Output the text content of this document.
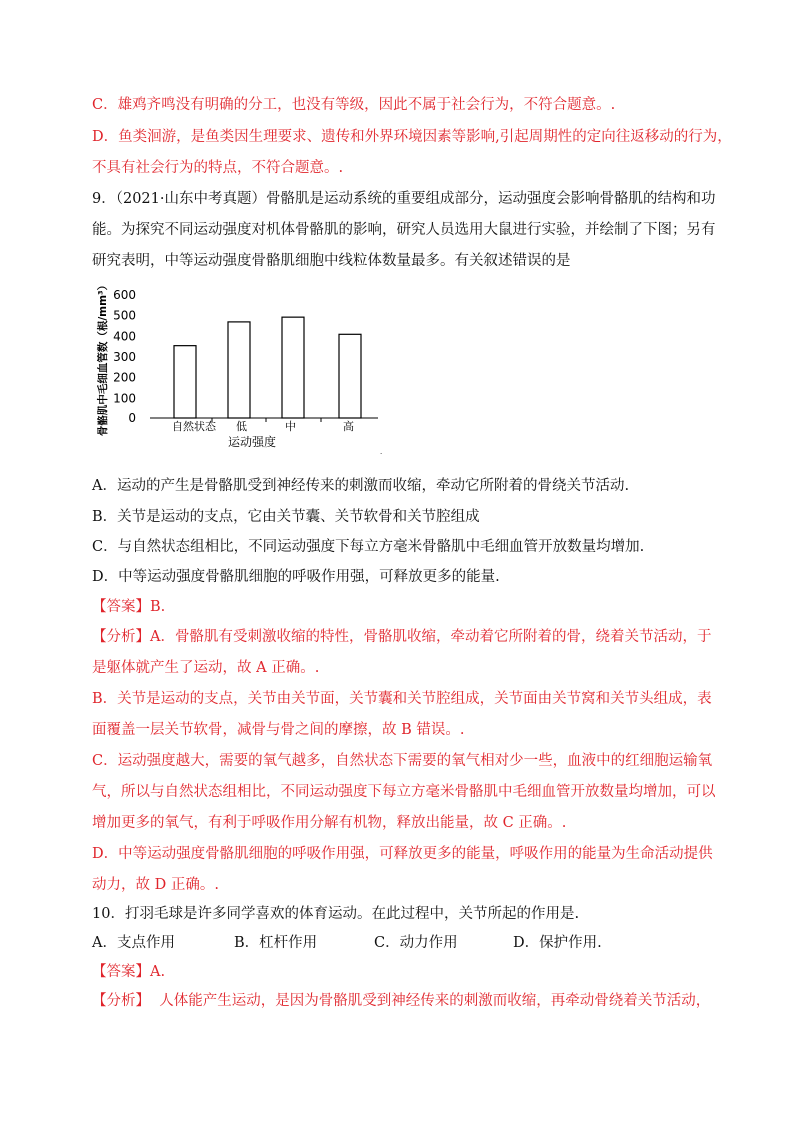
C．雄鸡齐鸣没有明确的分工，也没有等级，因此不属于社会行为，不符合题意。.
D．鱼类洄游，是鱼类因生理要求、遗传和外界环境因素等影响,引起周期性的定向往返移动的行为，
不具有社会行为的特点，不符合题意。.
9．（2021·山东中考真题）骨骼肌是运动系统的重要组成部分，运动强度会影响骨骼肌的结构和功
能。为探究不同运动强度对机体骨骼肌的影响，研究人员选用大鼠进行实验，并绘制了下图；另有
研究表明，中等运动强度骨骼肌细胞中线粒体数量最多。有关叙述错误的是
0
100
200
300
400
500
600
自然状态 低	中	高
骨骼肌中毛细血管数（根/mm³）
运动强度
.
A．运动的产生是骨骼肌受到神经传来的刺激而收缩，牵动它所附着的骨绕关节活动.
B．关节是运动的支点，它由关节囊、关节软骨和关节腔组成
C．与自然状态组相比，不同运动强度下每立方毫米骨骼肌中毛细血管开放数量均增加.
D．中等运动强度骨骼肌细胞的呼吸作用强，可释放更多的能量.
【答案】B.
【分析】A．骨骼肌有受刺激收缩的特性，骨骼肌收缩，牵动着它所附着的骨，绕着关节活动，于
是躯体就产生了运动，故 A 正确。.
B．关节是运动的支点，关节由关节面，关节囊和关节腔组成，关节面由关节窝和关节头组成，表
面覆盖一层关节软骨，减骨与骨之间的摩擦，故 B 错误。.
C．运动强度越大，需要的氧气越多，自然状态下需要的氧气相对少一些，血液中的红细胞运输氧
气，所以与自然状态组相比，不同运动强度下每立方毫米骨骼肌中毛细血管开放数量均增加，可以
增加更多的氧气，有利于呼吸作用分解有机物，释放出能量，故 C 正确。.
D．中等运动强度骨骼肌细胞的呼吸作用强，可释放更多的能量，呼吸作用的能量为生命活动提供
动力，故 D 正确。.
10．打羽毛球是许多同学喜欢的体育运动。在此过程中，关节所起的作用是.
A．支点作用	B．杠杆作用	C．动力作用	D．保护作用.
【答案】A.
【分析】 人体能产生运动，是因为骨骼肌受到神经传来的刺激而收缩，再牵动骨绕着关节活动，
